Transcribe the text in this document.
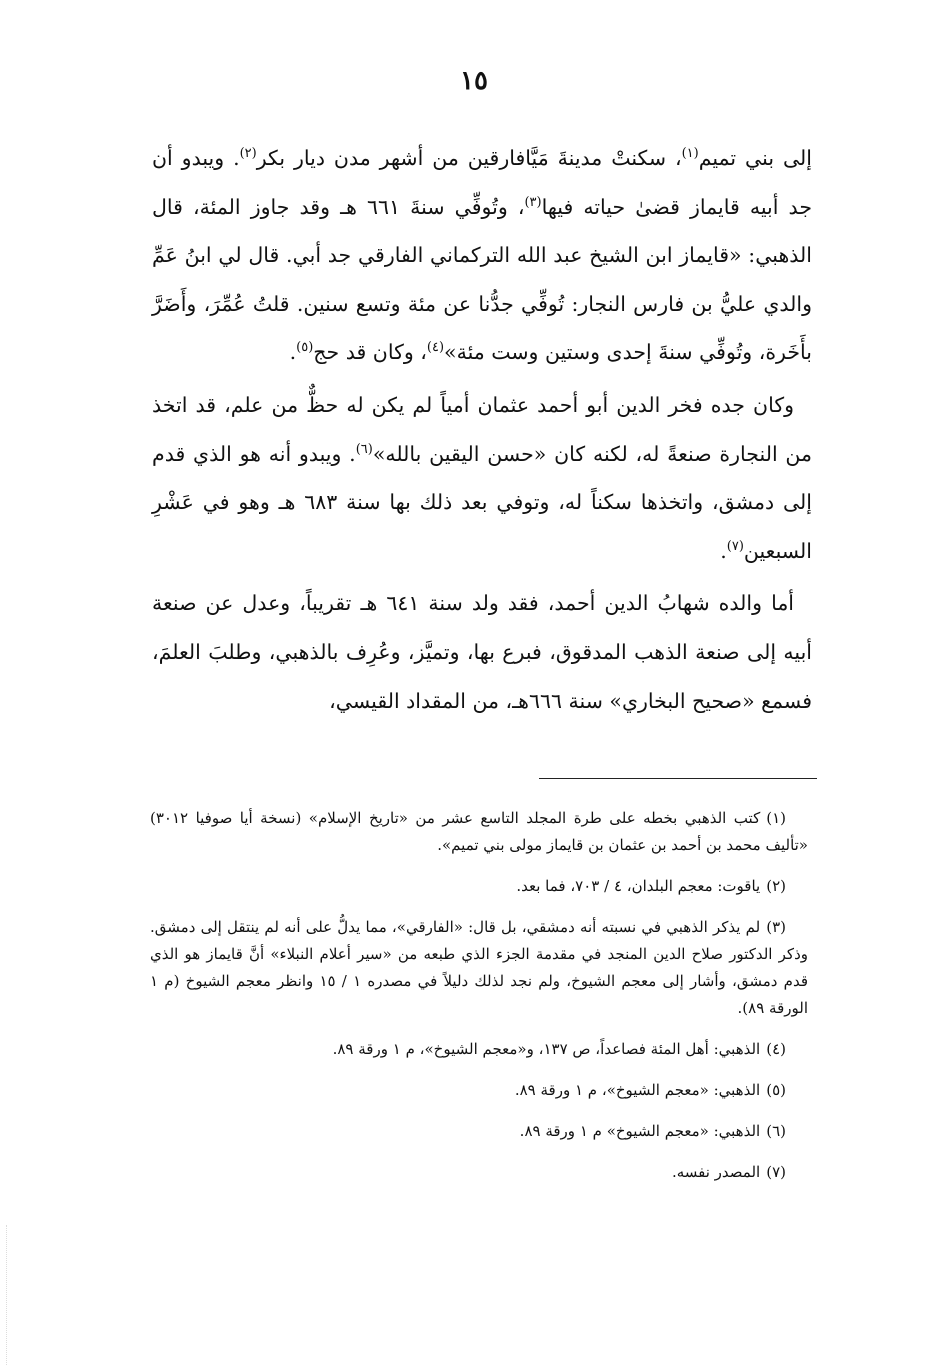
١٥

إلى بني تميم$^{(١)}$، سكنتْ مدينةَ مَيَّافارقين من أشهر مدن ديار بكر$^{(٢)}$. ويبدو أن جد أبيه قايماز قضىٰ حياته فيها$^{(٣)}$، وتُوفِّي سنةَ ٦٦١ هـ وقد جاوز المئة، قال الذهبي: «قايماز ابن الشيخ عبد الله التركماني الفارقي جد أبي. قال لي ابنُ عَمِّ والدي عليُّ بن فارس النجار: تُوفِّي جدُّنا عن مئة وتسع سنين. قلتُ عُمِّرَ، وأَضَرَّ بأَخَرة، وتُوفِّي سنةَ إحدى وستين وست مئة»$^{(٤)}$، وكان قد حج$^{(٥)}$.

وكان جده فخر الدين أبو أحمد عثمان أمياً لم يكن له حظٌّ من علم، قد اتخذ من النجارة صنعةً له، لكنه كان «حسن اليقين بالله»$^{(٦)}$. ويبدو أنه هو الذي قدم إلى دمشق، واتخذها سكناً له، وتوفي بعد ذلك بها سنة ٦٨٣ هـ وهو في عَشْرِ السبعين$^{(٧)}$.

أما والده شهابُ الدين أحمد، فقد ولد سنة ٦٤١ هـ تقريباً، وعدل عن صنعة أبيه إلى صنعة الذهب المدقوق، فبرع بها، وتميَّز، وعُرِف بالذهبي، وطلبَ العلمَ، فسمع «صحيح البخاري» سنة ٦٦٦هـ، من المقداد القيسي،

(١)كتب الذهبي بخطه على طرة المجلد التاسع عشر من «تاريخ الإسلام» (نسخة أيا صوفيا ٣٠١٢) «تأليف محمد بن أحمد بن عثمان بن قايماز مولى بني تميم».
(٢)ياقوت: معجم البلدان، ٤ / ٧٠٣، فما بعد.
(٣)لم يذكر الذهبي في نسبته أنه دمشقي، بل قال: «الفارقي»، مما يدلُّ على أنه لم ينتقل إلى دمشق. وذكر الدكتور صلاح الدين المنجد في مقدمة الجزء الذي طبعه من «سير أعلام النبلاء» أنَّ قايماز هو الذي قدم دمشق، وأشار إلى معجم الشيوخ، ولم نجد لذلك دليلاً في مصدره ١ / ١٥ وانظر معجم الشيوخ (م ١ الورقة ٨٩).
(٤)الذهبي: أهل المئة فصاعداً، ص ١٣٧، و«معجم الشيوخ»، م ١ ورقة ٨٩.
(٥)الذهبي: «معجم الشيوخ»، م ١ ورقة ٨٩.
(٦)الذهبي: «معجم الشيوخ» م ١ ورقة ٨٩.
(٧)المصدر نفسه.
